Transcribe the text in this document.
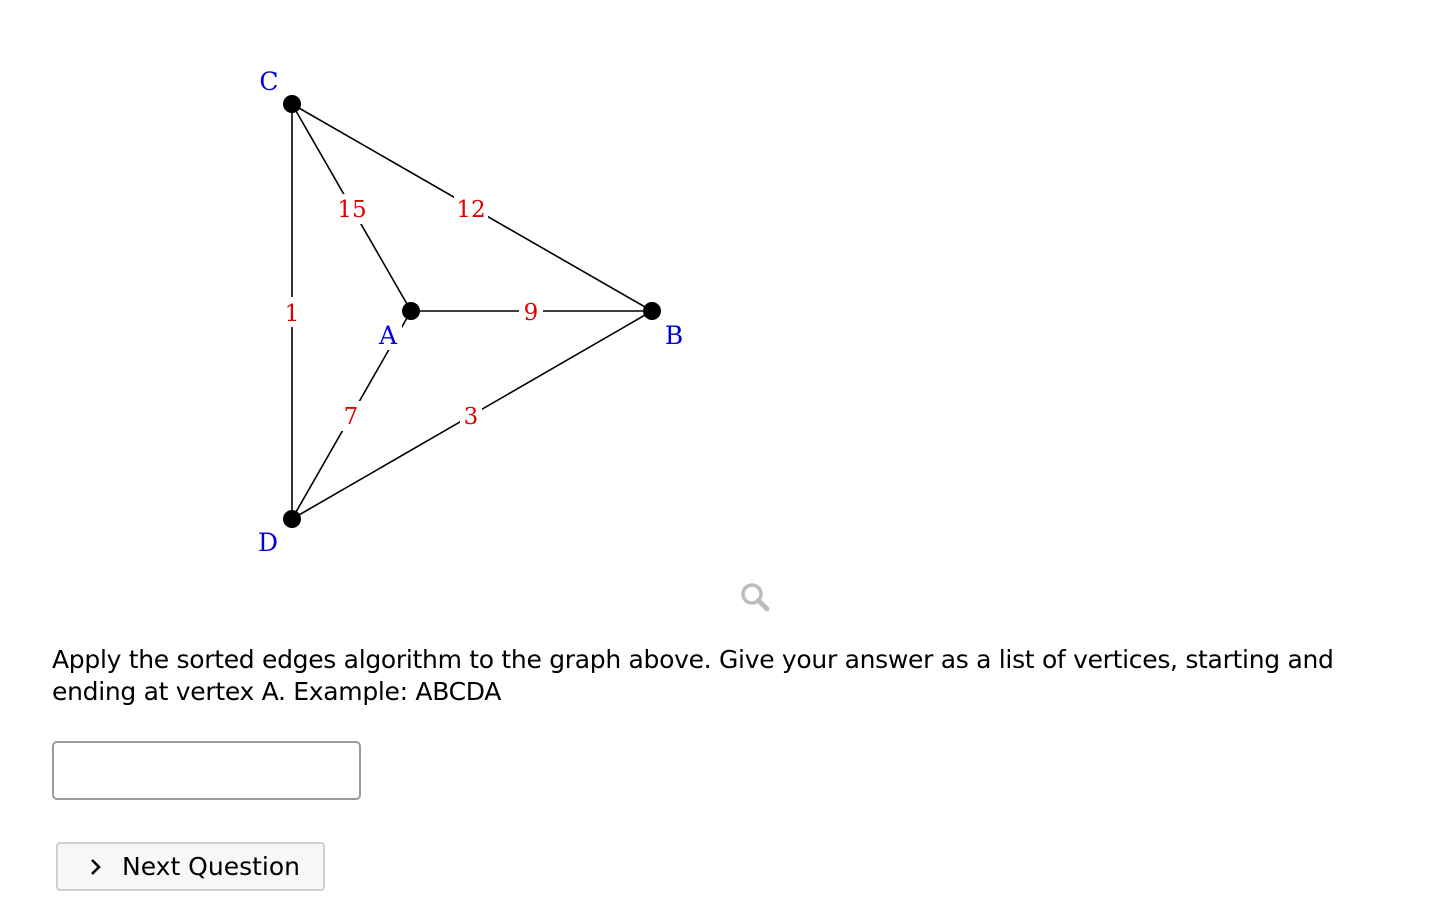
1
15	12
9
7	3
C
A	B
D
Apply the sorted edges algorithm to the graph above. Give your answer as a list of vertices, starting and ending at vertex A. Example: ABCDA
Next Question
